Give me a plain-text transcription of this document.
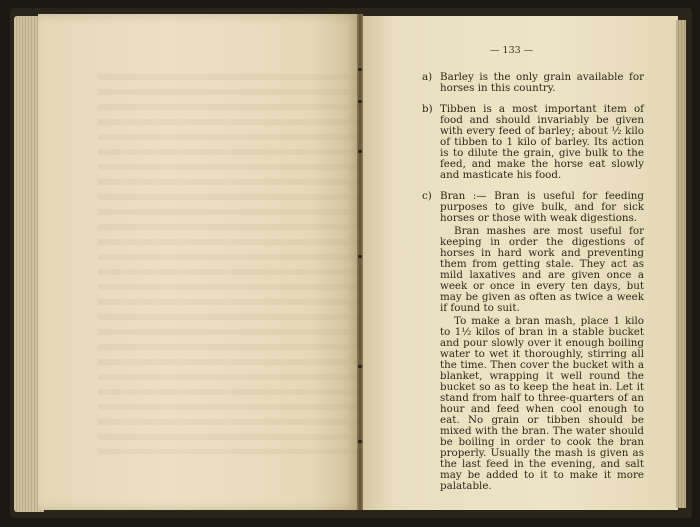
— 133 —
a) Barley is the only grain available for horses in this country.

b) Tibben is a most important item of food and should invariably be given with every feed of barley; about ½ kilo of tibben to 1 kilo of barley. Its action is to dilute the grain, give bulk to the feed, and make the horse eat slowly and masticate his food.

c) Bran :— Bran is useful for feeding purposes to give bulk, and for sick horses or those with weak digestions.

Bran mashes are most useful for keeping in order the digestions of horses in hard work and preventing them from getting stale. They act as mild laxatives and are given once a week or once in every ten days, but may be given as often as twice a week if found to suit.

To make a bran mash, place 1 kilo to 1½ kilos of bran in a stable bucket and pour slowly over it enough boiling water to wet it thoroughly, stirring all the time. Then cover the bucket with a blanket, wrapping it well round the bucket so as to keep the heat in. Let it stand from half to three-quarters of an hour and feed when cool enough to eat. No grain or tibben should be mixed with the bran. The water should be boiling in order to cook the bran properly. Usually the mash is given as the last feed in the evening, and salt may be added to it to make it more palatable.
